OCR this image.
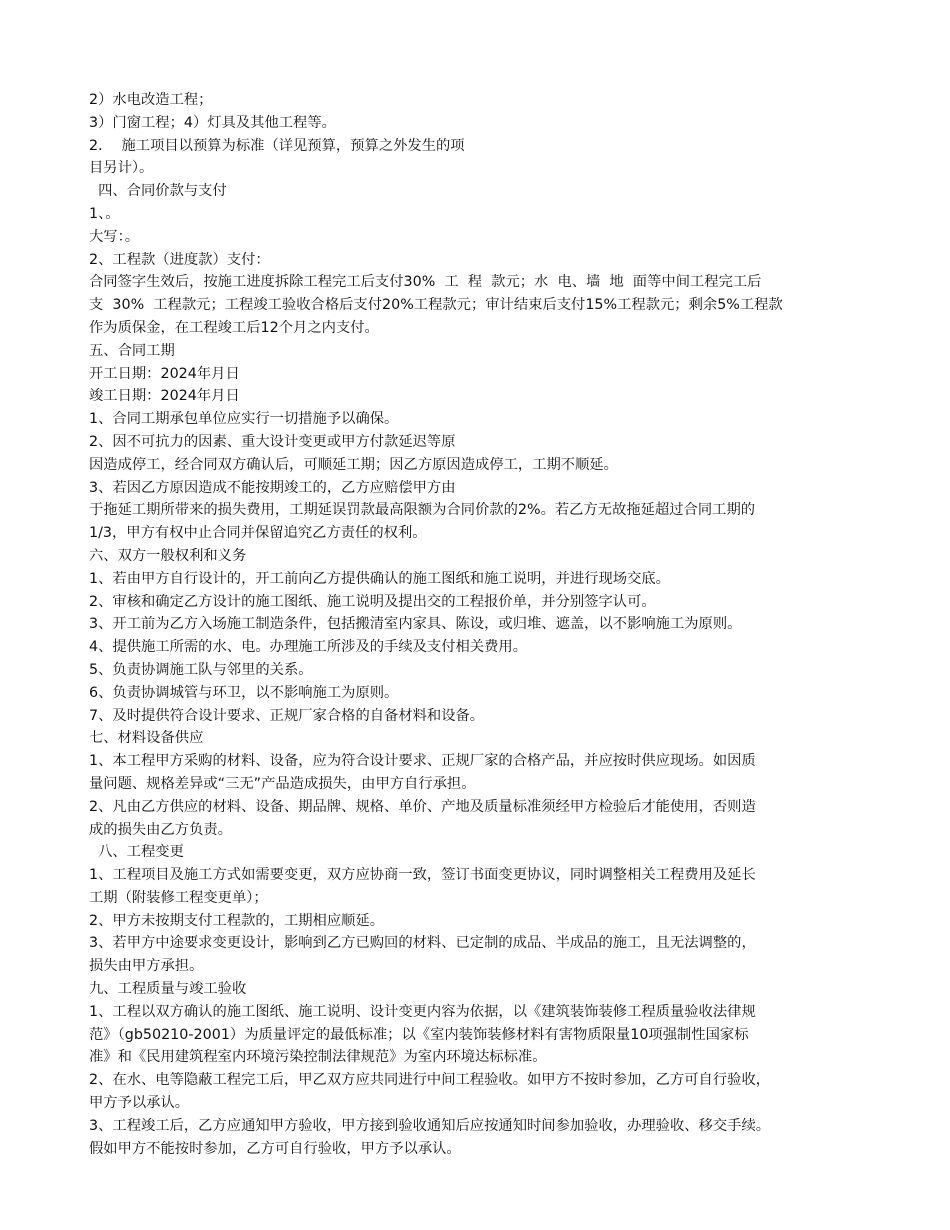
2）水电改造工程；
3）门窗工程；4）灯具及其他工程等。
2．  施工项目以预算为标准（详见预算，预算之外发生的项
目另计）。
四、合同价款与支付
1、。
大写：。
2、工程款（进度款）支付：
合同签字生效后，按施工进度拆除工程完工后支付30%  工  程  款元；水  电、墙  地  面等中间工程完工后
支  30%  工程款元；工程竣工验收合格后支付20%工程款元；审计结束后支付15%工程款元；剩余5%工程款
作为质保金，在工程竣工后12个月之内支付。
五、合同工期
开工日期：2024年月日
竣工日期：2024年月日
1、合同工期承包单位应实行一切措施予以确保。
2、因不可抗力的因素、重大设计变更或甲方付款延迟等原
因造成停工，经合同双方确认后，可顺延工期；因乙方原因造成停工，工期不顺延。
3、若因乙方原因造成不能按期竣工的，乙方应赔偿甲方由
于拖延工期所带来的损失费用，工期延误罚款最高限额为合同价款的2%。若乙方无故拖延超过合同工期的
1/3，甲方有权中止合同并保留追究乙方责任的权利。
六、双方一般权利和义务
1、若由甲方自行设计的，开工前向乙方提供确认的施工图纸和施工说明，并进行现场交底。
2、审核和确定乙方设计的施工图纸、施工说明及提出交的工程报价单，并分别签字认可。
3、开工前为乙方入场施工制造条件，包括搬清室内家具、陈设，或归堆、遮盖，以不影响施工为原则。
4、提供施工所需的水、电。办理施工所涉及的手续及支付相关费用。
5、负责协调施工队与邻里的关系。
6、负责协调城管与环卫，以不影响施工为原则。
7、及时提供符合设计要求、正规厂家合格的自备材料和设备。
七、材料设备供应
1、本工程甲方采购的材料、设备，应为符合设计要求、正规厂家的合格产品，并应按时供应现场。如因质
量问题、规格差异或“三无”产品造成损失，由甲方自行承担。
2、凡由乙方供应的材料、设备、期品牌、规格、单价、产地及质量标准须经甲方检验后才能使用，否则造
成的损失由乙方负责。
八、工程变更
1、工程项目及施工方式如需要变更，双方应协商一致，签订书面变更协议，同时调整相关工程费用及延长
工期（附装修工程变更单）；
2、甲方未按期支付工程款的，工期相应顺延。
3、若甲方中途要求变更设计，影响到乙方已购回的材料、已定制的成品、半成品的施工，且无法调整的，
损失由甲方承担。
九、工程质量与竣工验收
1、工程以双方确认的施工图纸、施工说明、设计变更内容为依据，以《建筑装饰装修工程质量验收法律规
范》（gb50210-2001）为质量评定的最低标准；以《室内装饰装修材料有害物质限量10项强制性国家标
准》和《民用建筑程室内环境污染控制法律规范》为室内环境达标标准。
2、在水、电等隐蔽工程完工后，甲乙双方应共同进行中间工程验收。如甲方不按时参加，乙方可自行验收，
甲方予以承认。
3、工程竣工后，乙方应通知甲方验收，甲方接到验收通知后应按通知时间参加验收，办理验收、移交手续。
假如甲方不能按时参加，乙方可自行验收，甲方予以承认。
